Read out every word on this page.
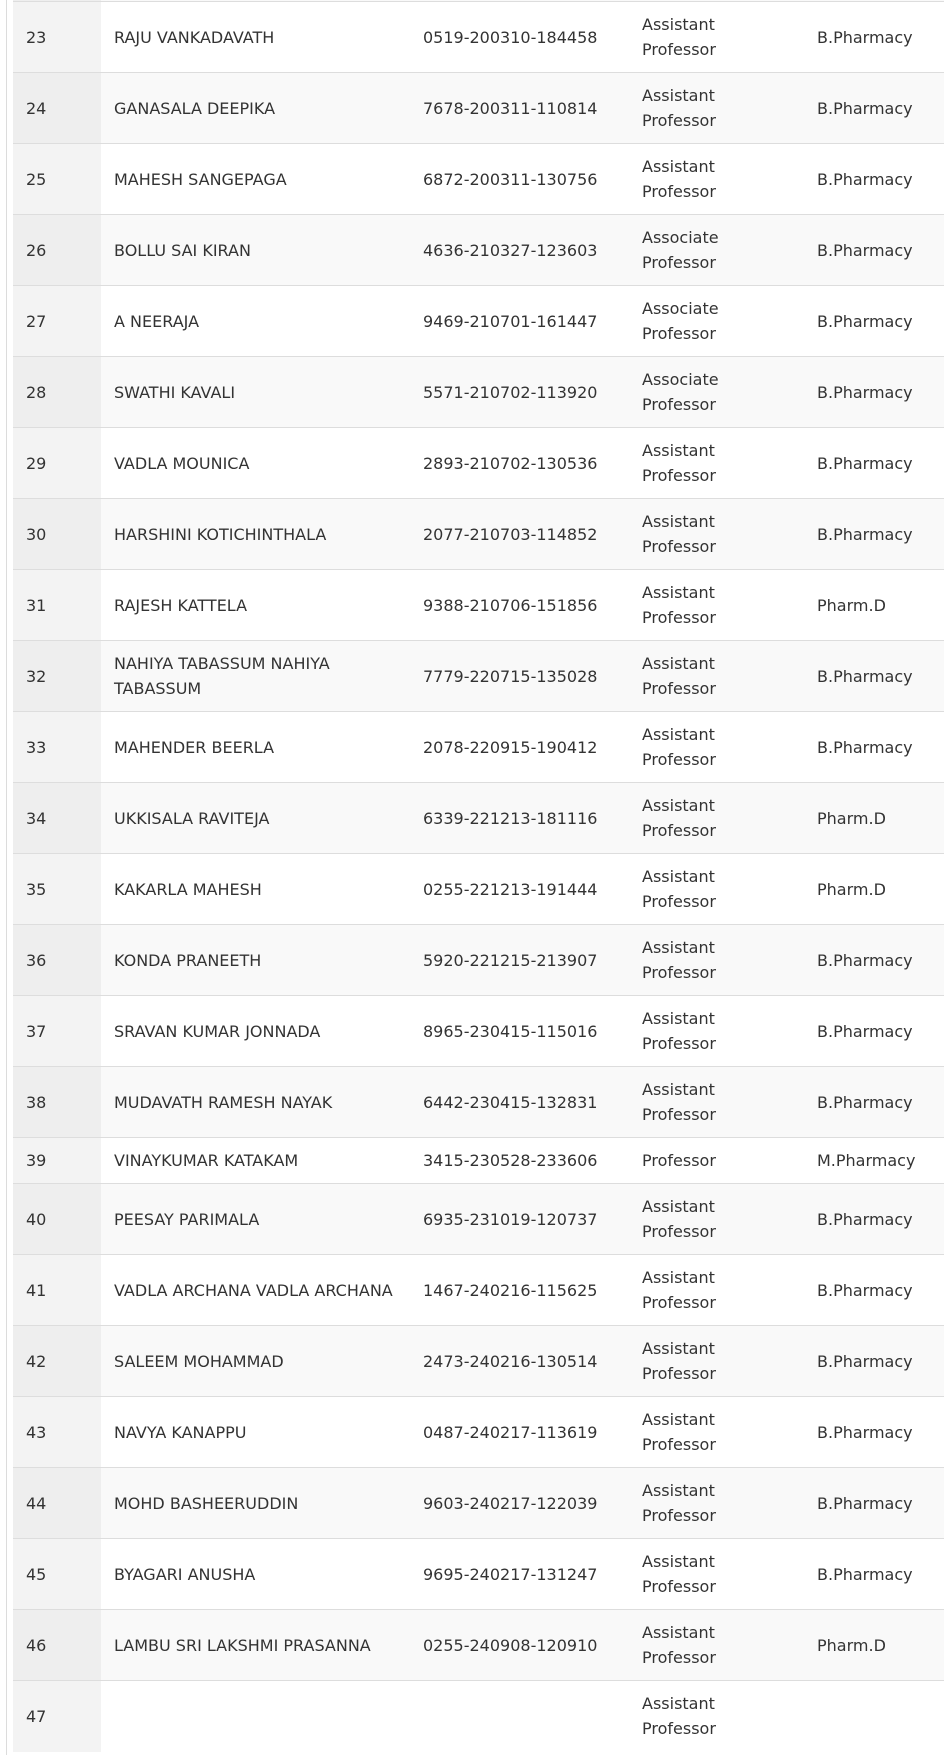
23	RAJU VANKADAVATH	0519-200310-184458	Assistant Professor	B.Pharmacy
24	GANASALA DEEPIKA	7678-200311-110814	Assistant Professor	B.Pharmacy
25	MAHESH SANGEPAGA	6872-200311-130756	Assistant Professor	B.Pharmacy
26	BOLLU SAI KIRAN	4636-210327-123603	Associate Professor	B.Pharmacy
27	A NEERAJA	9469-210701-161447	Associate Professor	B.Pharmacy
28	SWATHI KAVALI	5571-210702-113920	Associate Professor	B.Pharmacy
29	VADLA MOUNICA	2893-210702-130536	Assistant Professor	B.Pharmacy
30	HARSHINI KOTICHINTHALA	2077-210703-114852	Assistant Professor	B.Pharmacy
31	RAJESH KATTELA	9388-210706-151856	Assistant Professor	Pharm.D
32	NAHIYA TABASSUM NAHIYA TABASSUM	7779-220715-135028	Assistant Professor	B.Pharmacy
33	MAHENDER BEERLA	2078-220915-190412	Assistant Professor	B.Pharmacy
34	UKKISALA RAVITEJA	6339-221213-181116	Assistant Professor	Pharm.D
35	KAKARLA MAHESH	0255-221213-191444	Assistant Professor	Pharm.D
36	KONDA PRANEETH	5920-221215-213907	Assistant Professor	B.Pharmacy
37	SRAVAN KUMAR JONNADA	8965-230415-115016	Assistant Professor	B.Pharmacy
38	MUDAVATH RAMESH NAYAK	6442-230415-132831	Assistant Professor	B.Pharmacy
39	VINAYKUMAR KATAKAM	3415-230528-233606	Professor	M.Pharmacy
40	PEESAY PARIMALA	6935-231019-120737	Assistant Professor	B.Pharmacy
41	VADLA ARCHANA VADLA ARCHANA	1467-240216-115625	Assistant Professor	B.Pharmacy
42	SALEEM MOHAMMAD	2473-240216-130514	Assistant Professor	B.Pharmacy
43	NAVYA KANAPPU	0487-240217-113619	Assistant Professor	B.Pharmacy
44	MOHD BASHEERUDDIN	9603-240217-122039	Assistant Professor	B.Pharmacy
45	BYAGARI ANUSHA	9695-240217-131247	Assistant Professor	B.Pharmacy
46	LAMBU SRI LAKSHMI PRASANNA	0255-240908-120910	Assistant Professor	Pharm.D
47			Assistant Professor	
